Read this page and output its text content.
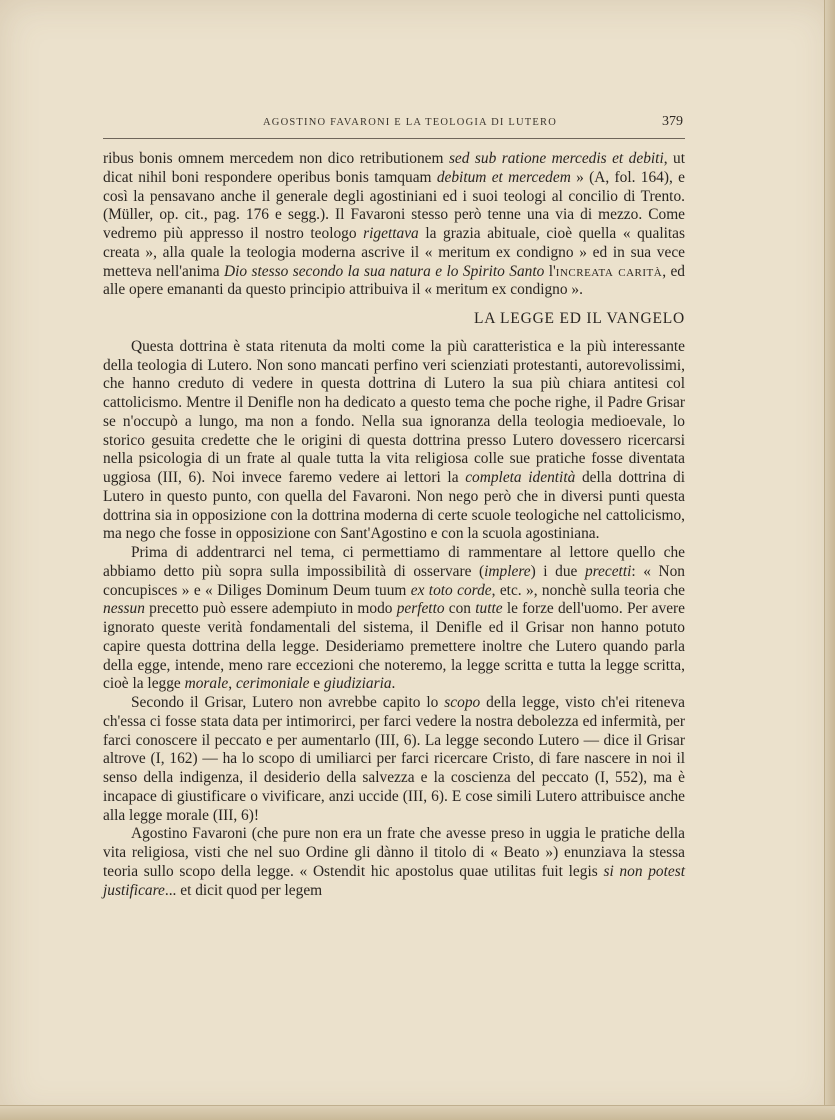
AGOSTINO FAVARONI E LA TEOLOGIA DI LUTERO	379

ribus bonis omnem mercedem non dico retributionem sed sub ratione mercedis et debiti, ut dicat nihil boni respondere operibus bonis tamquam debitum et mercedem » (A, fol. 164), e così la pensavano anche il generale degli agostiniani ed i suoi teologi al concilio di Trento. (Müller, op. cit., pag. 176 e segg.). Il Favaroni stesso però tenne una via di mezzo. Come vedremo più appresso il nostro teologo rigettava la grazia abituale, cioè quella « qualitas creata », alla quale la teologia moderna ascrive il « meritum ex condigno » ed in sua vece metteva nell'anima Dio stesso secondo la sua natura e lo Spirito Santo l'increata carità, ed alle opere emananti da questo principio attribuiva il « meritum ex condigno ».

LA LEGGE ED IL VANGELO

Questa dottrina è stata ritenuta da molti come la più caratteristica e la più interessante della teologia di Lutero. Non sono mancati perfino veri scienziati protestanti, autorevolissimi, che hanno creduto di vedere in questa dottrina di Lutero la sua più chiara antitesi col cattolicismo. Mentre il Denifle non ha dedicato a questo tema che poche righe, il Padre Grisar se n'occupò a lungo, ma non a fondo. Nella sua ignoranza della teologia medioevale, lo storico gesuita credette che le origini di questa dottrina presso Lutero dovessero ricercarsi nella psicologia di un frate al quale tutta la vita religiosa colle sue pratiche fosse diventata uggiosa (III, 6). Noi invece faremo vedere ai lettori la completa identità della dottrina di Lutero in questo punto, con quella del Favaroni. Non nego però che in diversi punti questa dottrina sia in opposizione con la dottrina moderna di certe scuole teologiche nel cattolicismo, ma nego che fosse in opposizione con Sant'Agostino e con la scuola agostiniana.

Prima di addentrarci nel tema, ci permettiamo di rammentare al lettore quello che abbiamo detto più sopra sulla impossibilità di osservare (implere) i due precetti: « Non concupisces » e « Diliges Dominum Deum tuum ex toto corde, etc. », nonchè sulla teoria che nessun precetto può essere adempiuto in modo perfetto con tutte le forze dell'uomo. Per avere ignorato queste verità fondamentali del sistema, il Denifle ed il Grisar non hanno potuto capire questa dottrina della legge. Desideriamo premettere inoltre che Lutero quando parla della egge, intende, meno rare eccezioni che noteremo, la legge scritta e tutta la legge scritta, cioè la legge morale, cerimoniale e giudiziaria.

Secondo il Grisar, Lutero non avrebbe capito lo scopo della legge, visto ch'ei riteneva ch'essa ci fosse stata data per intimorirci, per farci vedere la nostra debolezza ed infermità, per farci conoscere il peccato e per aumentarlo (III, 6). La legge secondo Lutero — dice il Grisar altrove (I, 162) — ha lo scopo di umiliarci per farci ricercare Cristo, di fare nascere in noi il senso della indigenza, il desiderio della salvezza e la coscienza del peccato (I, 552), ma è incapace di giustificare o vivificare, anzi uccide (III, 6). E cose simili Lutero attribuisce anche alla legge morale (III, 6)!

Agostino Favaroni (che pure non era un frate che avesse preso in uggia le pratiche della vita religiosa, visti che nel suo Ordine gli dànno il titolo di « Beato ») enunziava la stessa teoria sullo scopo della legge. « Ostendit hic apostolus quae utilitas fuit legis si non potest justificare... et dicit quod per legem
